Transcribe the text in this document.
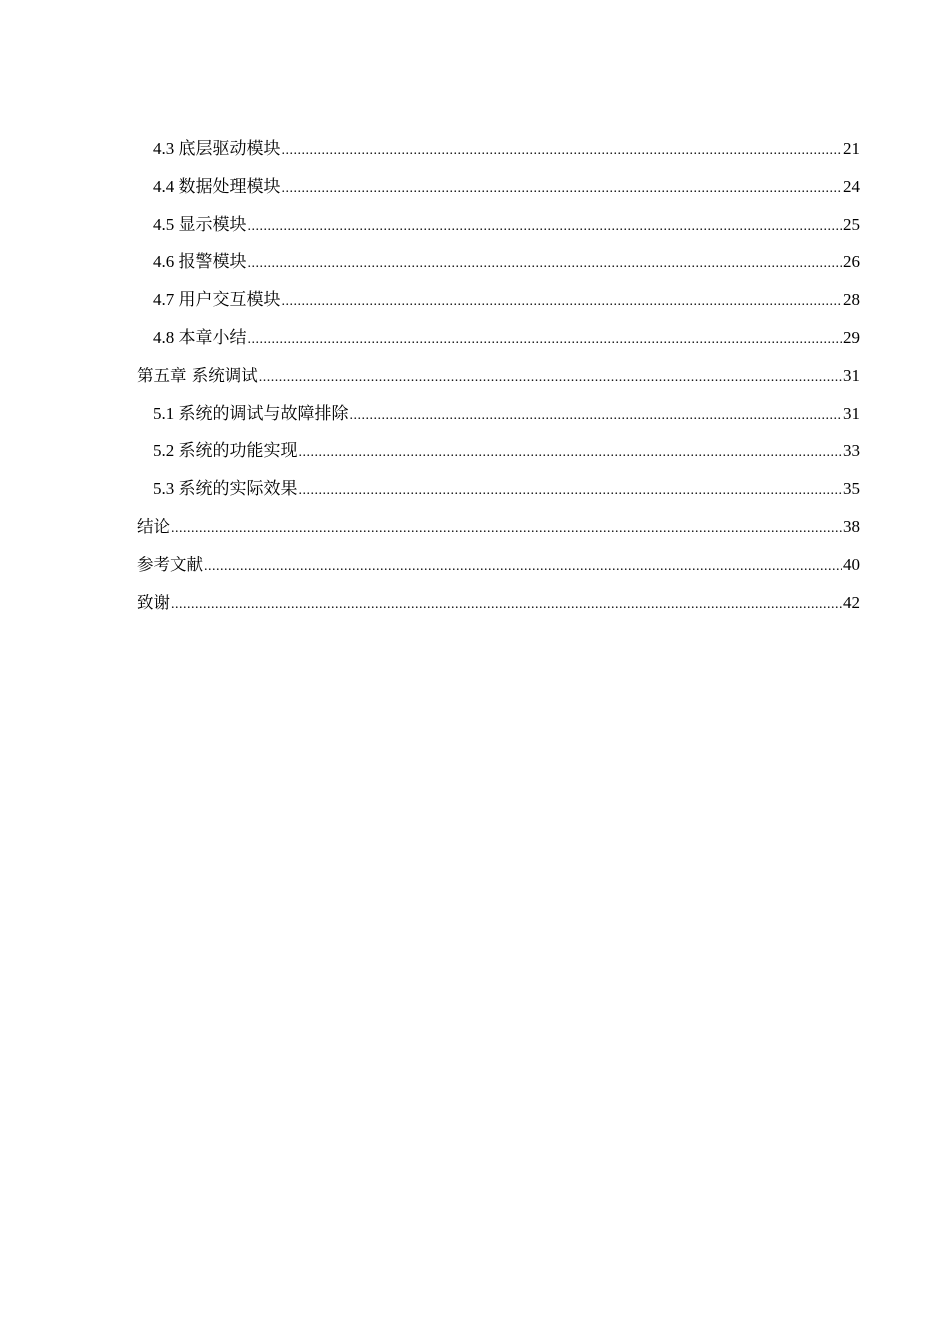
4.3 底层驱动模块 .....	21
4.4 数据处理模块 .....	24
4.5 显示模块 .....	25
4.6 报警模块 .....	26
4.7 用户交互模块 .....	28
4.8 本章小结 .....	29
第五章 系统调试 .....	31
5.1 系统的调试与故障排除 .....	31
5.2 系统的功能实现 .....	33
5.3 系统的实际效果 .....	35
结论 .....	38
参考文献 .....	40
致谢 .....	42
